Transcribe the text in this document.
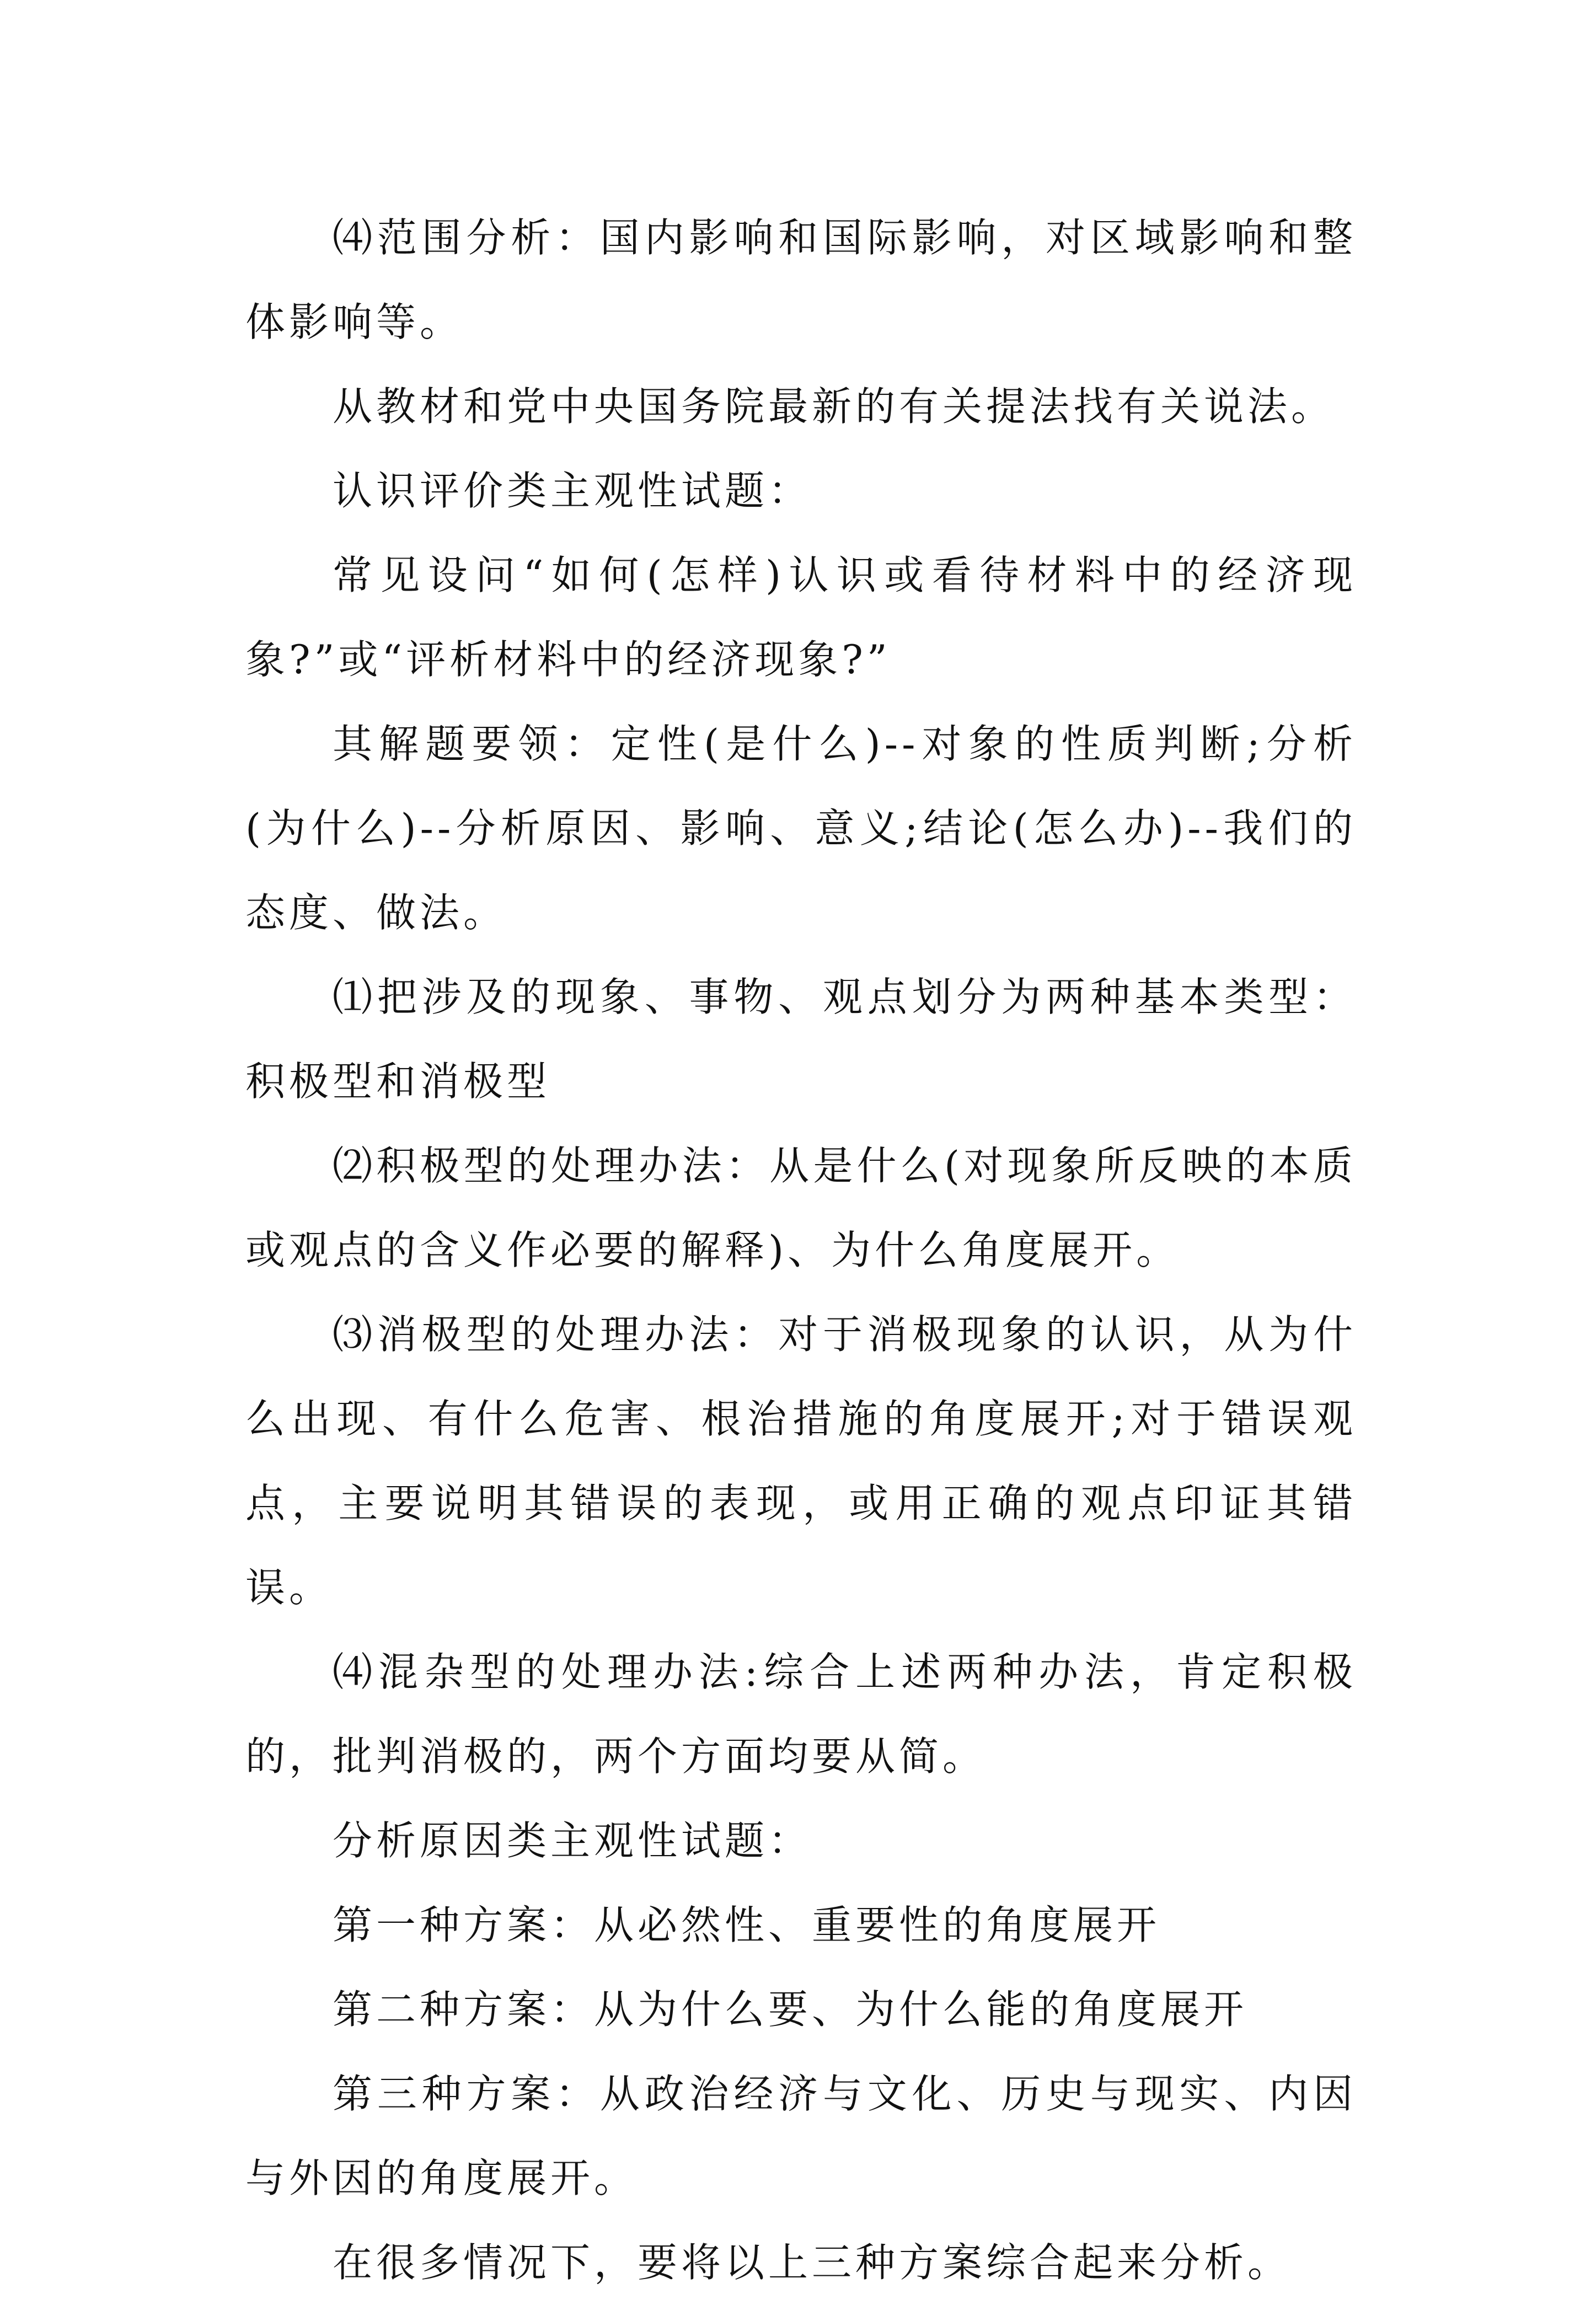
⑷范围分析：国内影响和国际影响，对区域影响和整体影响等。

从教材和党中央国务院最新的有关提法找有关说法。

认识评价类主观性试题：

常见设问“如何(怎样)认识或看待材料中的经济现象?”或“评析材料中的经济现象?”

其解题要领：定性(是什么)--对象的性质判断;分析(为什么)--分析原因、影响、意义;结论(怎么办)--我们的态度、做法。

⑴把涉及的现象、事物、观点划分为两种基本类型：积极型和消极型

⑵积极型的处理办法：从是什么(对现象所反映的本质或观点的含义作必要的解释)、为什么角度展开。

⑶消极型的处理办法：对于消极现象的认识，从为什么出现、有什么危害、根治措施的角度展开;对于错误观点，主要说明其错误的表现，或用正确的观点印证其错误。

⑷混杂型的处理办法:综合上述两种办法，肯定积极的，批判消极的，两个方面均要从简。

分析原因类主观性试题：

第一种方案：从必然性、重要性的角度展开

第二种方案：从为什么要、为什么能的角度展开

第三种方案：从政治经济与文化、历史与现实、内因与外因的角度展开。

在很多情况下，要将以上三种方案综合起来分析。
